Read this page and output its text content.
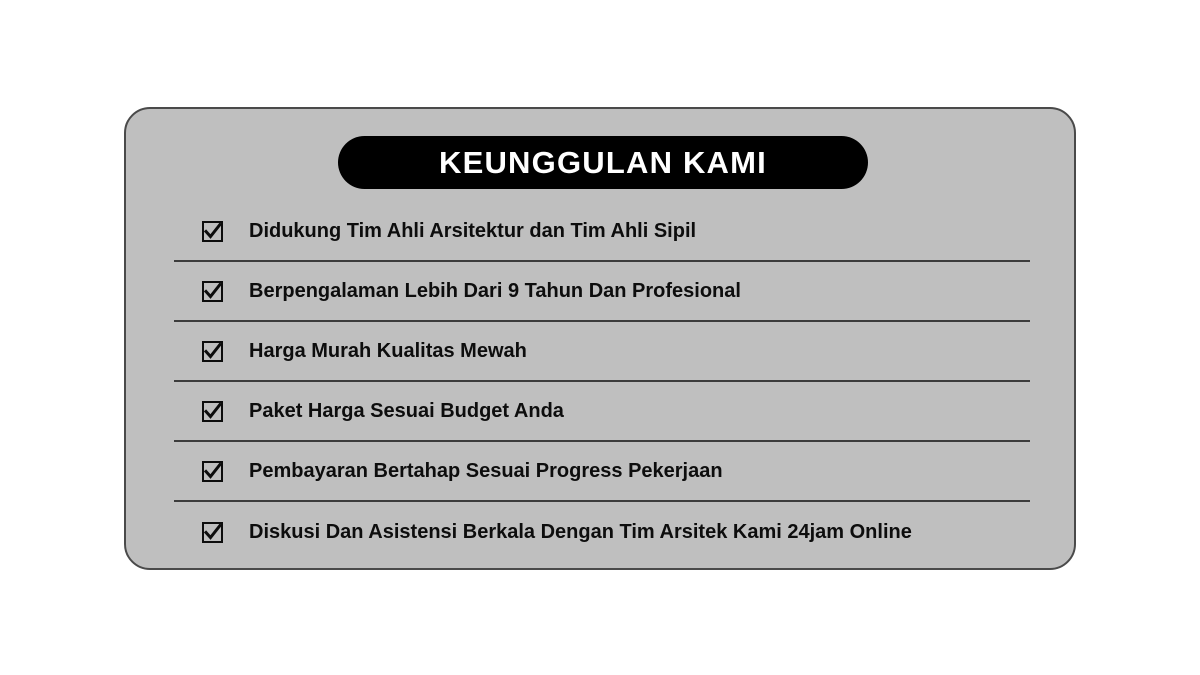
KEUNGGULAN KAMI
Didukung Tim Ahli Arsitektur dan Tim Ahli Sipil
Berpengalaman Lebih Dari 9 Tahun Dan Profesional
Harga Murah Kualitas Mewah
Paket Harga Sesuai Budget Anda
Pembayaran Bertahap Sesuai Progress Pekerjaan
Diskusi Dan Asistensi Berkala Dengan Tim Arsitek Kami 24jam Online
